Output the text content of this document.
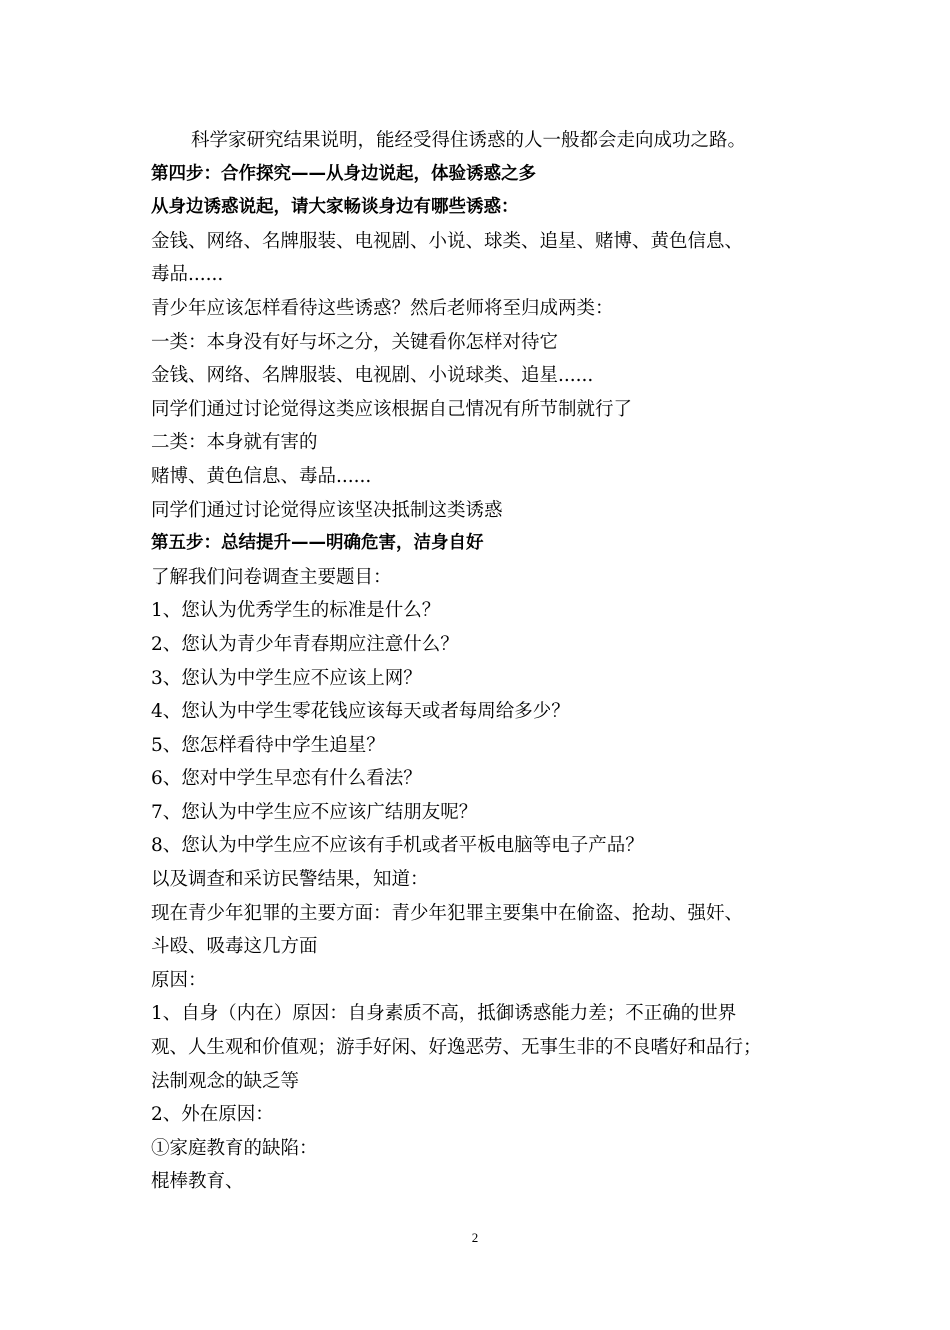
科学家研究结果说明，能经受得住诱惑的人一般都会走向成功之路。
第四步：合作探究——从身边说起，体验诱惑之多
从身边诱惑说起，请大家畅谈身边有哪些诱惑：
金钱、网络、名牌服装、电视剧、小说、球类、追星、赌博、黄色信息、
毒品......
青少年应该怎样看待这些诱惑？然后老师将至归成两类：
一类：本身没有好与坏之分，关键看你怎样对待它
金钱、网络、名牌服装、电视剧、小说球类、追星......
同学们通过讨论觉得这类应该根据自己情况有所节制就行了
二类：本身就有害的
赌博、黄色信息、毒品......
同学们通过讨论觉得应该坚决抵制这类诱惑
第五步：总结提升——明确危害，洁身自好
了解我们问卷调查主要题目：
1、您认为优秀学生的标准是什么？
2、您认为青少年青春期应注意什么？
3、您认为中学生应不应该上网？
4、您认为中学生零花钱应该每天或者每周给多少？
5、您怎样看待中学生追星？
6、您对中学生早恋有什么看法？
7、您认为中学生应不应该广结朋友呢？
8、您认为中学生应不应该有手机或者平板电脑等电子产品？
以及调查和采访民警结果，知道：
现在青少年犯罪的主要方面：青少年犯罪主要集中在偷盗、抢劫、强奸、
斗殴、吸毒这几方面
原因：
1、自身（内在）原因：自身素质不高，抵御诱惑能力差；不正确的世界
观、人生观和价值观；游手好闲、好逸恶劳、无事生非的不良嗜好和品行；
法制观念的缺乏等
2、外在原因：
①家庭教育的缺陷：
棍棒教育、
2
